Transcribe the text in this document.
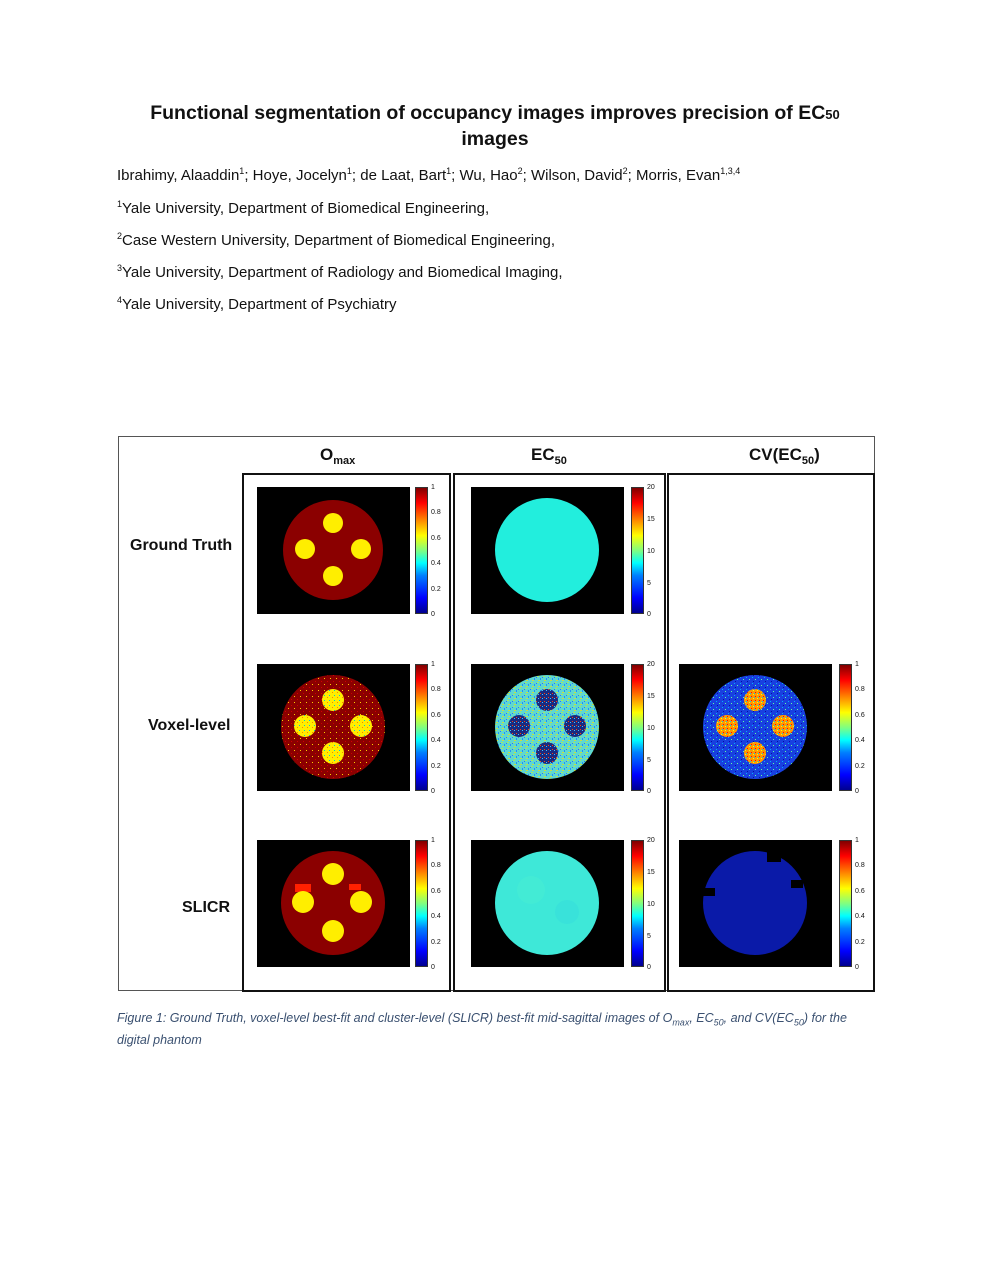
Functional segmentation of occupancy images improves precision of EC50
images
Ibrahimy, Alaaddin$^1$; Hoye, Jocelyn$^1$; de Laat, Bart$^1$; Wu, Hao$^2$; Wilson, David$^2$; Morris, Evan$^{1,3,4}$
$^1$Yale University, Department of Biomedical Engineering,
$^2$Case Western University, Department of Biomedical Engineering,
$^3$Yale University, Department of Radiology and Biomedical Imaging,
$^4$Yale University, Department of Psychiatry
$O_{max}$	$EC_{50}$	$CV(EC_{50})$
Ground Truth
Voxel-level
SLICR
1
0.8
0.6
0.4
0.2
0
20
15
10
5
0
1
0.8
0.6
0.4
0.2
0
20
15
10
5
0
1
0.8
0.6
0.4
0.2
0
1
0.8
0.6
0.4
0.2
0
20
15
10
5
0
1
0.8
0.6
0.4
0.2
0
Figure 1: Ground Truth, voxel-level best-fit and cluster-level (SLICR) best-fit mid-sagittal images of $O_{max}$, $EC_{50}$, and $CV(EC_{50})$ for the digital phantom
